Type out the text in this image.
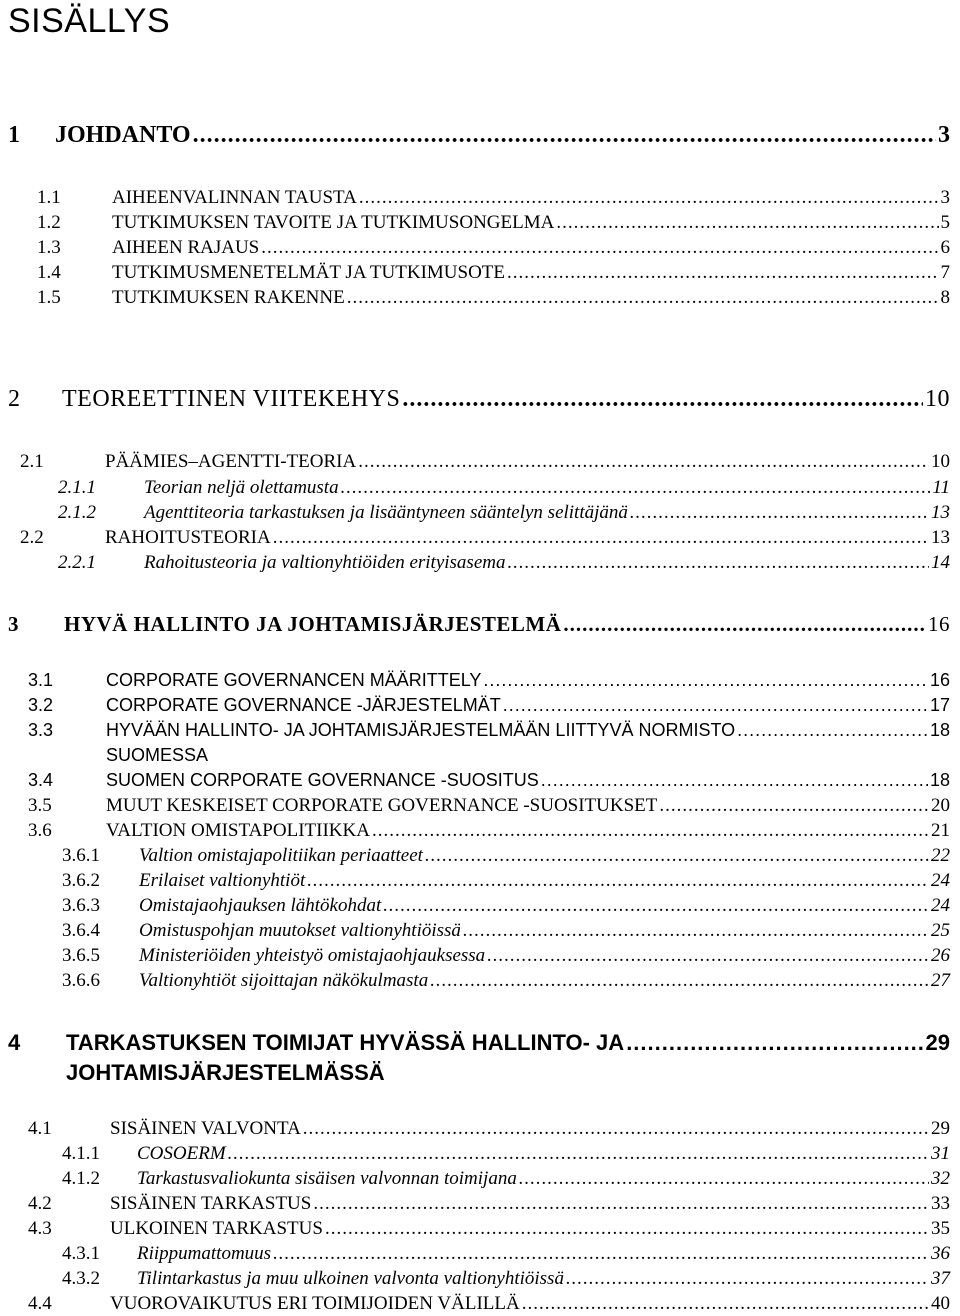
SISÄLLYS
1 JOHDANTO .....	3
1.1	AIHEENVALINNAN TAUSTA .....	3
1.2	TUTKIMUKSEN TAVOITE JA TUTKIMUSONGELMA .....	5
1.3	AIHEEN RAJAUS .....	6
1.4	TUTKIMUSMENETELMÄT JA TUTKIMUSOTE .....	7
1.5	TUTKIMUKSEN RAKENNE .....	8
2 TEOREETTINEN VIITEKEHYS .....	10
2.1	PÄÄMIES–AGENTTI-TEORIA .....	10
2.1.1	Teorian neljä olettamusta .....	11
2.1.2	Agenttiteoria tarkastuksen ja lisääntyneen sääntelyn selittäjänä .....	13
2.2	RAHOITUSTEORIA .....	13
2.2.1	Rahoitusteoria ja valtionyhtiöiden erityisasema .....	14
3 HYVÄ HALLINTO JA JOHTAMISJÄRJESTELMÄ .....	16
3.1	CORPORATE GOVERNANCEN MÄÄRITTELY .....	16
3.2	CORPORATE GOVERNANCE -JÄRJESTELMÄT .....	17
3.3	HYVÄÄN HALLINTO- JA JOHTAMISJÄRJESTELMÄÄN LIITTYVÄ NORMISTO .....	18
SUOMESSA
3.4	SUOMEN CORPORATE GOVERNANCE -SUOSITUS .....	18
3.5	MUUT KESKEISET CORPORATE GOVERNANCE -SUOSITUKSET .....	20
3.6	VALTION OMISTAPOLITIIKKA .....	21
3.6.1 Valtion omistajapolitiikan periaatteet .....	22
3.6.2 Erilaiset valtionyhtiöt .....	24
3.6.3 Omistajaohjauksen lähtökohdat .....	24
3.6.4 Omistuspohjan muutokset valtionyhtiöissä .....	25
3.6.5 Ministeriöiden yhteistyö omistajaohjauksessa .....	26
3.6.6 Valtionyhtiöt sijoittajan näkökulmasta .....	27
4 TARKASTUKSEN TOIMIJAT HYVÄSSÄ HALLINTO- JA .....	29
JOHTAMISJÄRJESTELMÄSSÄ
4.1	SISÄINEN VALVONTA .....	29
4.1.1 COSOERM .....	31
4.1.2 Tarkastusvaliokunta sisäisen valvonnan toimijana .....	32
4.2	SISÄINEN TARKASTUS .....	33
4.3	ULKOINEN TARKASTUS .....	35
4.3.1 Riippumattomuus .....	36
4.3.2 Tilintarkastus ja muu ulkoinen valvonta valtionyhtiöissä .....	37
4.4	VUOROVAIKUTUS ERI TOIMIJOIDEN VÄLILLÄ .....	40
